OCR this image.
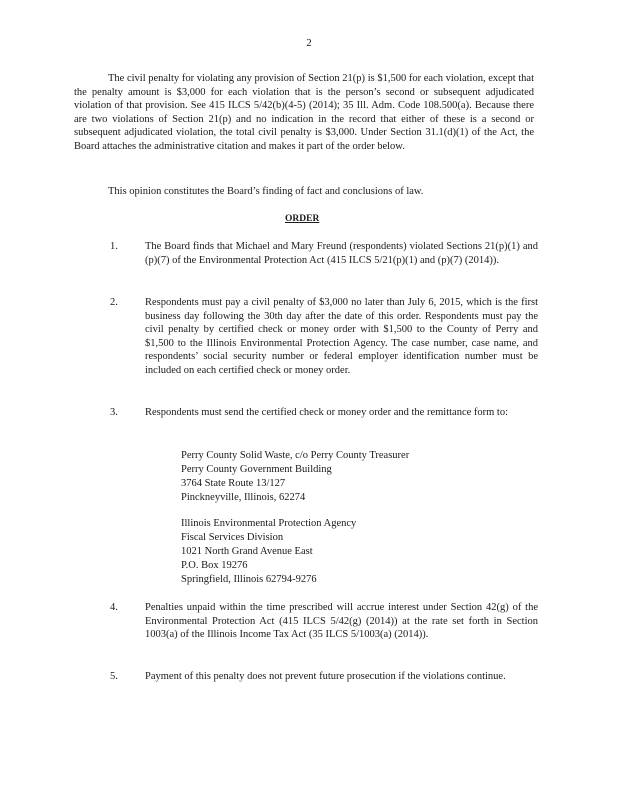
2
The civil penalty for violating any provision of Section 21(p) is $1,500 for each violation, except that the penalty amount is $3,000 for each violation that is the person’s second or subsequent adjudicated violation of that provision. See 415 ILCS 5/42(b)(4-5) (2014); 35 Ill. Adm. Code 108.500(a). Because there are two violations of Section 21(p) and no indication in the record that either of these is a second or subsequent adjudicated violation, the total civil penalty is $3,000. Under Section 31.1(d)(1) of the Act, the Board attaches the administrative citation and makes it part of the order below.
This opinion constitutes the Board’s finding of fact and conclusions of law.
ORDER
1.	The Board finds that Michael and Mary Freund (respondents) violated Sections 21(p)(1) and (p)(7) of the Environmental Protection Act (415 ILCS 5/21(p)(1) and (p)(7) (2014)).
2.	Respondents must pay a civil penalty of $3,000 no later than July 6, 2015, which is the first business day following the 30th day after the date of this order. Respondents must pay the civil penalty by certified check or money order with $1,500 to the County of Perry and $1,500 to the Illinois Environmental Protection Agency. The case number, case name, and respondents’ social security number or federal employer identification number must be included on each certified check or money order.
3.	Respondents must send the certified check or money order and the remittance form to:
Perry County Solid Waste, c/o Perry County Treasurer
Perry County Government Building
3764 State Route 13/127
Pinckneyville, Illinois, 62274
Illinois Environmental Protection Agency
Fiscal Services Division
1021 North Grand Avenue East
P.O. Box 19276
Springfield, Illinois 62794-9276
4.	Penalties unpaid within the time prescribed will accrue interest under Section 42(g) of the Environmental Protection Act (415 ILCS 5/42(g) (2014)) at the rate set forth in Section 1003(a) of the Illinois Income Tax Act (35 ILCS 5/1003(a) (2014)).
5.	Payment of this penalty does not prevent future prosecution if the violations continue.
